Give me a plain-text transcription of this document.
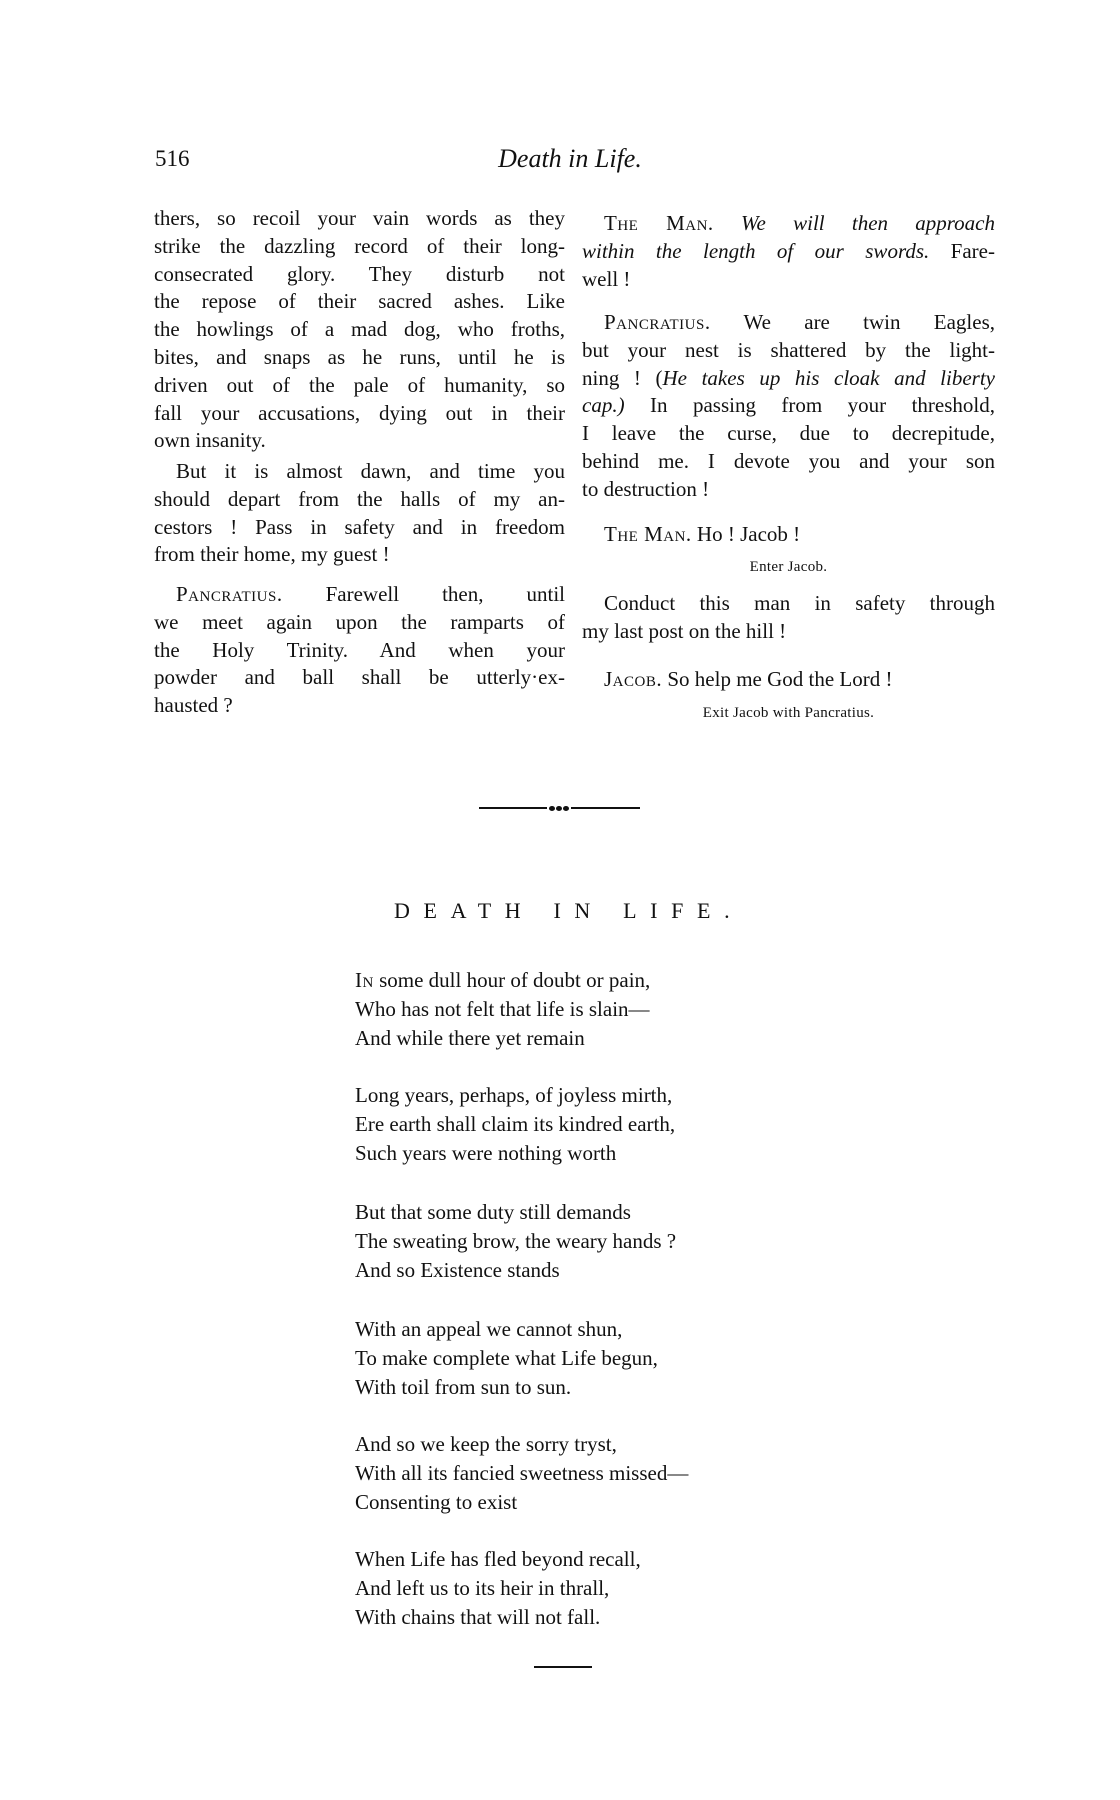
516	Death in Life.
thers, so recoil your vain words as they
strike the dazzling record of their long-
consecrated glory. They disturb not
the repose of their sacred ashes. Like
the howlings of a mad dog, who froths,
bites, and snaps as he runs, until he is
driven out of the pale of humanity, so
fall your accusations, dying out in their
own insanity.
But it is almost dawn, and time you
should depart from the halls of my an-
cestors ! Pass in safety and in freedom
from their home, my guest !
Pancratius. Farewell then, until
we meet again upon the ramparts of
the Holy Trinity. And when your
powder and ball shall be utterly·ex-
hausted ?
The Man. We will then approach
within the length of our swords. Fare-
well !
Pancratius. We are twin Eagles,
but your nest is shattered by the light-
ning ! (He takes up his cloak and liberty
cap.) In passing from your threshold,
I leave the curse, due to decrepitude,
behind me. I devote you and your son
to destruction !
The Man. Ho ! Jacob !
Enter Jacob.
Conduct this man in safety through
my last post on the hill !
Jacob. So help me God the Lord !
Exit Jacob with Pancratius.
DEATH IN LIFE.
In some dull hour of doubt or pain,
Who has not felt that life is slain—
And while there yet remain
Long years, perhaps, of joyless mirth,
Ere earth shall claim its kindred earth,
Such years were nothing worth
But that some duty still demands
The sweating brow, the weary hands ?
And so Existence stands
With an appeal we cannot shun,
To make complete what Life begun,
With toil from sun to sun.
And so we keep the sorry tryst,
With all its fancied sweetness missed—
Consenting to exist
When Life has fled beyond recall,
And left us to its heir in thrall,
With chains that will not fall.
